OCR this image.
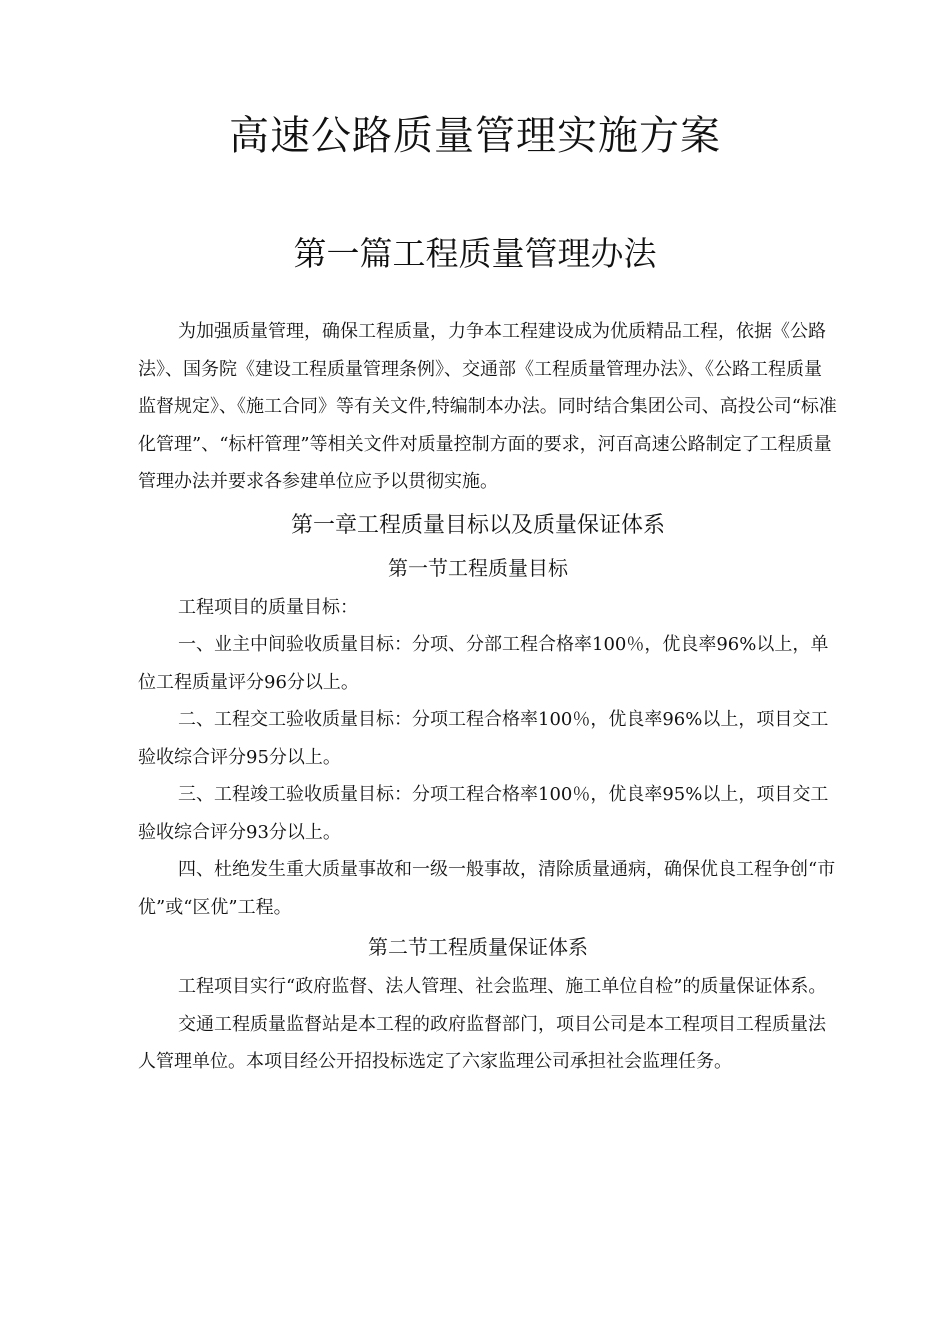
高速公路质量管理实施方案
第一篇工程质量管理办法

为加强质量管理，确保工程质量，力争本工程建设成为优质精品工程，依据《公路法》、国务院《建设工程质量管理条例》、交通部《工程质量管理办法》、《公路工程质量监督规定》、《施工合同》等有关文件,特编制本办法。同时结合集团公司、高投公司“标准化管理”、“标杆管理”等相关文件对质量控制方面的要求，河百高速公路制定了工程质量管理办法并要求各参建单位应予以贯彻实施。

第一章工程质量目标以及质量保证体系

第一节工程质量目标

工程项目的质量目标：

一、业主中间验收质量目标：分项、分部工程合格率100％，优良率96%以上，单位工程质量评分96分以上。

二、工程交工验收质量目标：分项工程合格率100％，优良率96%以上，项目交工验收综合评分95分以上。

三、工程竣工验收质量目标：分项工程合格率100％，优良率95%以上，项目交工验收综合评分93分以上。

四、杜绝发生重大质量事故和一级一般事故，清除质量通病，确保优良工程争创“市优”或“区优”工程。

第二节工程质量保证体系

工程项目实行“政府监督、法人管理、社会监理、施工单位自检”的质量保证体系。

交通工程质量监督站是本工程的政府监督部门，项目公司是本工程项目工程质量法人管理单位。本项目经公开招投标选定了六家监理公司承担社会监理任务。
